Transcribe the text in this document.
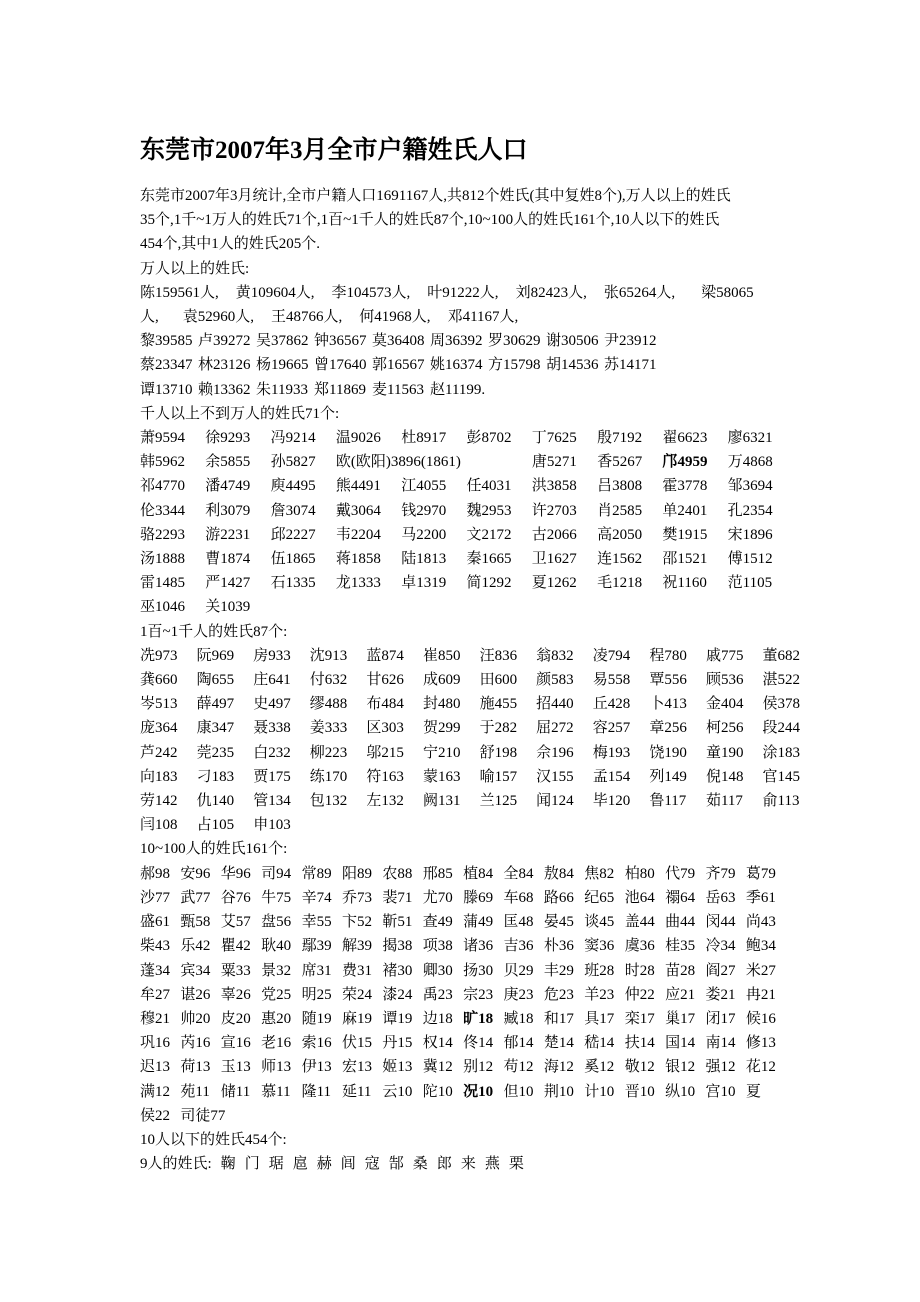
东莞市2007年3月全市户籍姓氏人口
东莞市2007年3月统计,全市户籍人口1691167人,共812个姓氏(其中复姓8个),万人以上的姓氏
35个,1千~1万人的姓氏71个,1百~1千人的姓氏87个,10~100人的姓氏161个,10人以下的姓氏
454个,其中1人的姓氏205个.
万人以上的姓氏:
陈159561人, 黄109604人, 李104573人, 叶91222人, 刘82423人, 张65264人, 梁58065
人, 袁52960人, 王48766人, 何41968人, 邓41167人,
黎39585 卢39272 吴37862 钟36567 莫36408 周36392 罗30629 谢30506 尹23912
蔡23347 林23126 杨19665 曾17640 郭16567 姚16374 方15798 胡14536 苏14171
谭13710 赖13362 朱11933 郑11869 麦11563 赵11199.
千人以上不到万人的姓氏71个:
萧9594 徐9293 冯9214 温9026 杜8917 彭8702 丁7625 殷7192 翟6623 廖6321
韩5962 余5855 孙5827 欧(欧阳)3896(1861)	唐5271 香5267 邝4959 万4868
祁4770 潘4749 庾4495 熊4491 江4055 任4031 洪3858 吕3808 霍3778 邹3694
伦3344 利3079 詹3074 戴3064 钱2970 魏2953 许2703 肖2585 单2401 孔2354
骆2293 游2231 邱2227 韦2204 马2200 文2172 古2066 高2050 樊1915 宋1896
汤1888 曹1874 伍1865 蒋1858 陆1813 秦1665 卫1627 连1562 邵1521 傅1512
雷1485 严1427 石1335 龙1333 卓1319 简1292 夏1262 毛1218 祝1160 范1105
巫1046 关1039
1百~1千人的姓氏87个:
冼973 阮969 房933 沈913 蓝874 崔850 汪836 翁832 凌794 程780 戚775 董682
龚660 陶655 庄641 付632 甘626 成609 田600 颜583 易558 覃556 顾536 湛522
岑513 薛497 史497 缪488 布484 封480 施455 招440 丘428 卜413 金404 侯378
庞364 康347 聂338 姜333 区303 贺299 于282 屈272 容257 章256 柯256 段244
芦242 莞235 白232 柳223 邬215 宁210 舒198 佘196 梅193 饶190 童190 涂183
向183 刁183 贾175 练170 符163 蒙163 喻157 汉155 孟154 列149 倪148 官145
劳142 仇140 管134 包132 左132 阙131 兰125 闻124 毕120 鲁117 茹117 俞113
闫108 占105 申103
10~100人的姓氏161个:
郝98 安96 华96 司94 常89 阳89 农88 邢85 植84 全84 敖84 焦82 柏80 代79 齐79 葛79
沙77 武77 谷76 牛75 辛74 乔73 裴71 尤70 滕69 车68 路66 纪65 池64 禤64 岳63 季61
盛61 甄58 艾57 盘56 幸55 卞52 靳51 查49 蒲49 匡48 晏45 谈45 盖44 曲44 闵44 尚43
柴43 乐42 瞿42 耿40 鄢39 解39 揭38 项38 诸36 吉36 朴36 窦36 虞36 桂35 冷34 鲍34
蓬34 宾34 粟33 景32 席31 费31 褚30 卿30 扬30 贝29 丰29 班28 时28 苗28 阎27 米27
牟27 谌26 辜26 党25 明25 荣24 漆24 禹23 宗23 庚23 危23 羊23 仲22 应21 娄21 冉21
穆21 帅20 皮20 惠20 随19 麻19 谭19 边18 旷18 臧18 和17 具17 栾17 巢17 闭17 候16
巩16 芮16 宣16 老16 索16 伏15 丹15 权14 佟14 郁14 楚14 嵇14 扶14 国14 南14 修13
迟13 荷13 玉13 师13 伊13 宏13 姬13 冀12 别12 苟12 海12 奚12 敬12 银12 强12 花12
满12 苑11 储11 慕11 隆11 延11 云10 陀10 况10 但10 荆10 计10 晋10 纵10 宫10 夏
侯22 司徒77
10人以下的姓氏454个:
9人的姓氏: 鞠 门 琚 扈 赫 闾 寇 郜 桑 郎 来 燕 栗
